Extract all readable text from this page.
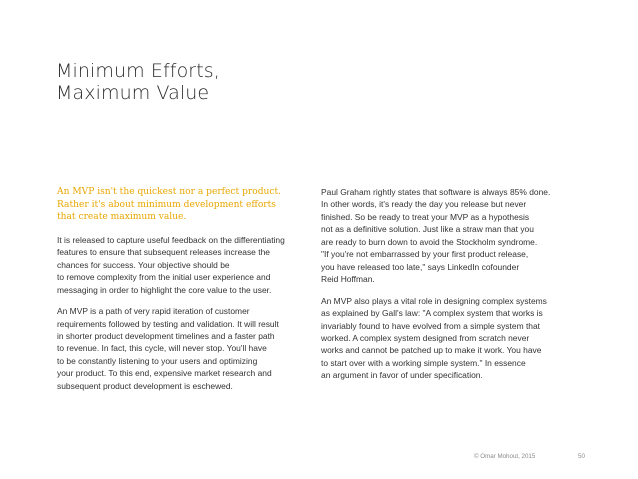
Minimum Efforts,
Maximum Value
An MVP isn't the quickest nor a perfect product.
Rather it's about minimum development efforts
that create maximum value.
It is released to capture useful feedback on the differentiating
features to ensure that subsequent releases increase the
chances for success. Your objective should be
to remove complexity from the initial user experience and
messaging in order to highlight the core value to the user.
An MVP is a path of very rapid iteration of customer
requirements followed by testing and validation. It will result
in shorter product development timelines and a faster path
to revenue. In fact, this cycle, will never stop. You'll have
to be constantly listening to your users and optimizing
your product. To this end, expensive market research and
subsequent product development is eschewed.
Paul Graham rightly states that software is always 85% done.
In other words, it's ready the day you release but never
finished. So be ready to treat your MVP as a hypothesis
not as a definitive solution. Just like a straw man that you
are ready to burn down to avoid the Stockholm syndrome.
"If you're not embarrassed by your first product release,
you have released too late," says LinkedIn cofounder
Reid Hoffman.
An MVP also plays a vital role in designing complex systems
as explained by Gall's law: "A complex system that works is
invariably found to have evolved from a simple system that
worked. A complex system designed from scratch never
works and cannot be patched up to make it work. You have
to start over with a working simple system." In essence
an argument in favor of under specification.
© Omar Mohout, 2015	50
